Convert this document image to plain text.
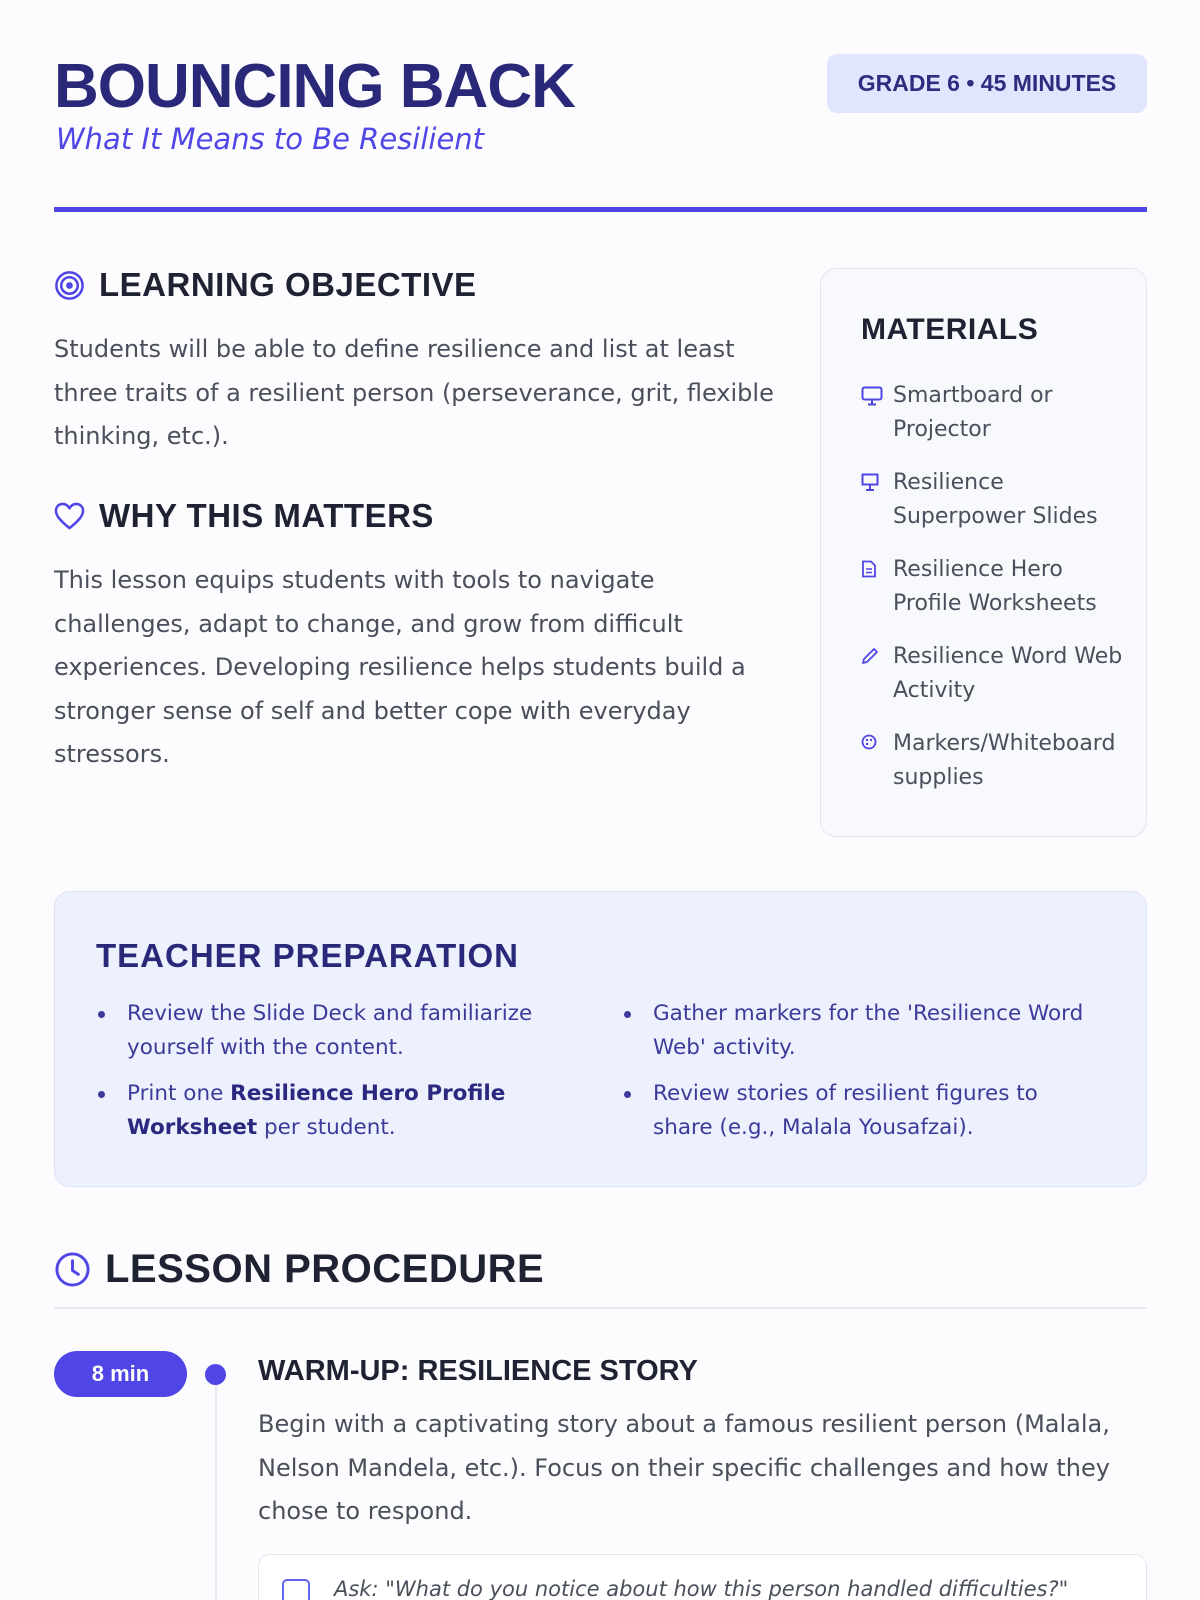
BOUNCING BACK
What It Means to Be Resilient
GRADE 6 • 45 MINUTES
LEARNING OBJECTIVE

Students will be able to define resilience and list at least three traits of a resilient person (perseverance, grit, flexible thinking, etc.).

WHY THIS MATTERS

This lesson equips students with tools to navigate challenges, adapt to change, and grow from difficult experiences. Developing resilience helps students build a stronger sense of self and better cope with everyday stressors.

MATERIALS
Smartboard or Projector
Resilience Superpower Slides
Resilience Hero Profile Worksheets
Resilience Word Web Activity
Markers/Whiteboard supplies
TEACHER PREPARATION
Review the Slide Deck and familiarize yourself with the content.
Print one Resilience Hero Profile Worksheet per student.
Gather markers for the 'Resilience Word Web' activity.
Review stories of resilient figures to share (e.g., Malala Yousafzai).
LESSON PROCEDURE
8 min	WARM-UP: RESILIENCE STORY

Begin with a captivating story about a famous resilient person (Malala, Nelson Mandela, etc.). Focus on their specific challenges and how they chose to respond.

Ask: "What do you notice about how this person handled difficulties?"
